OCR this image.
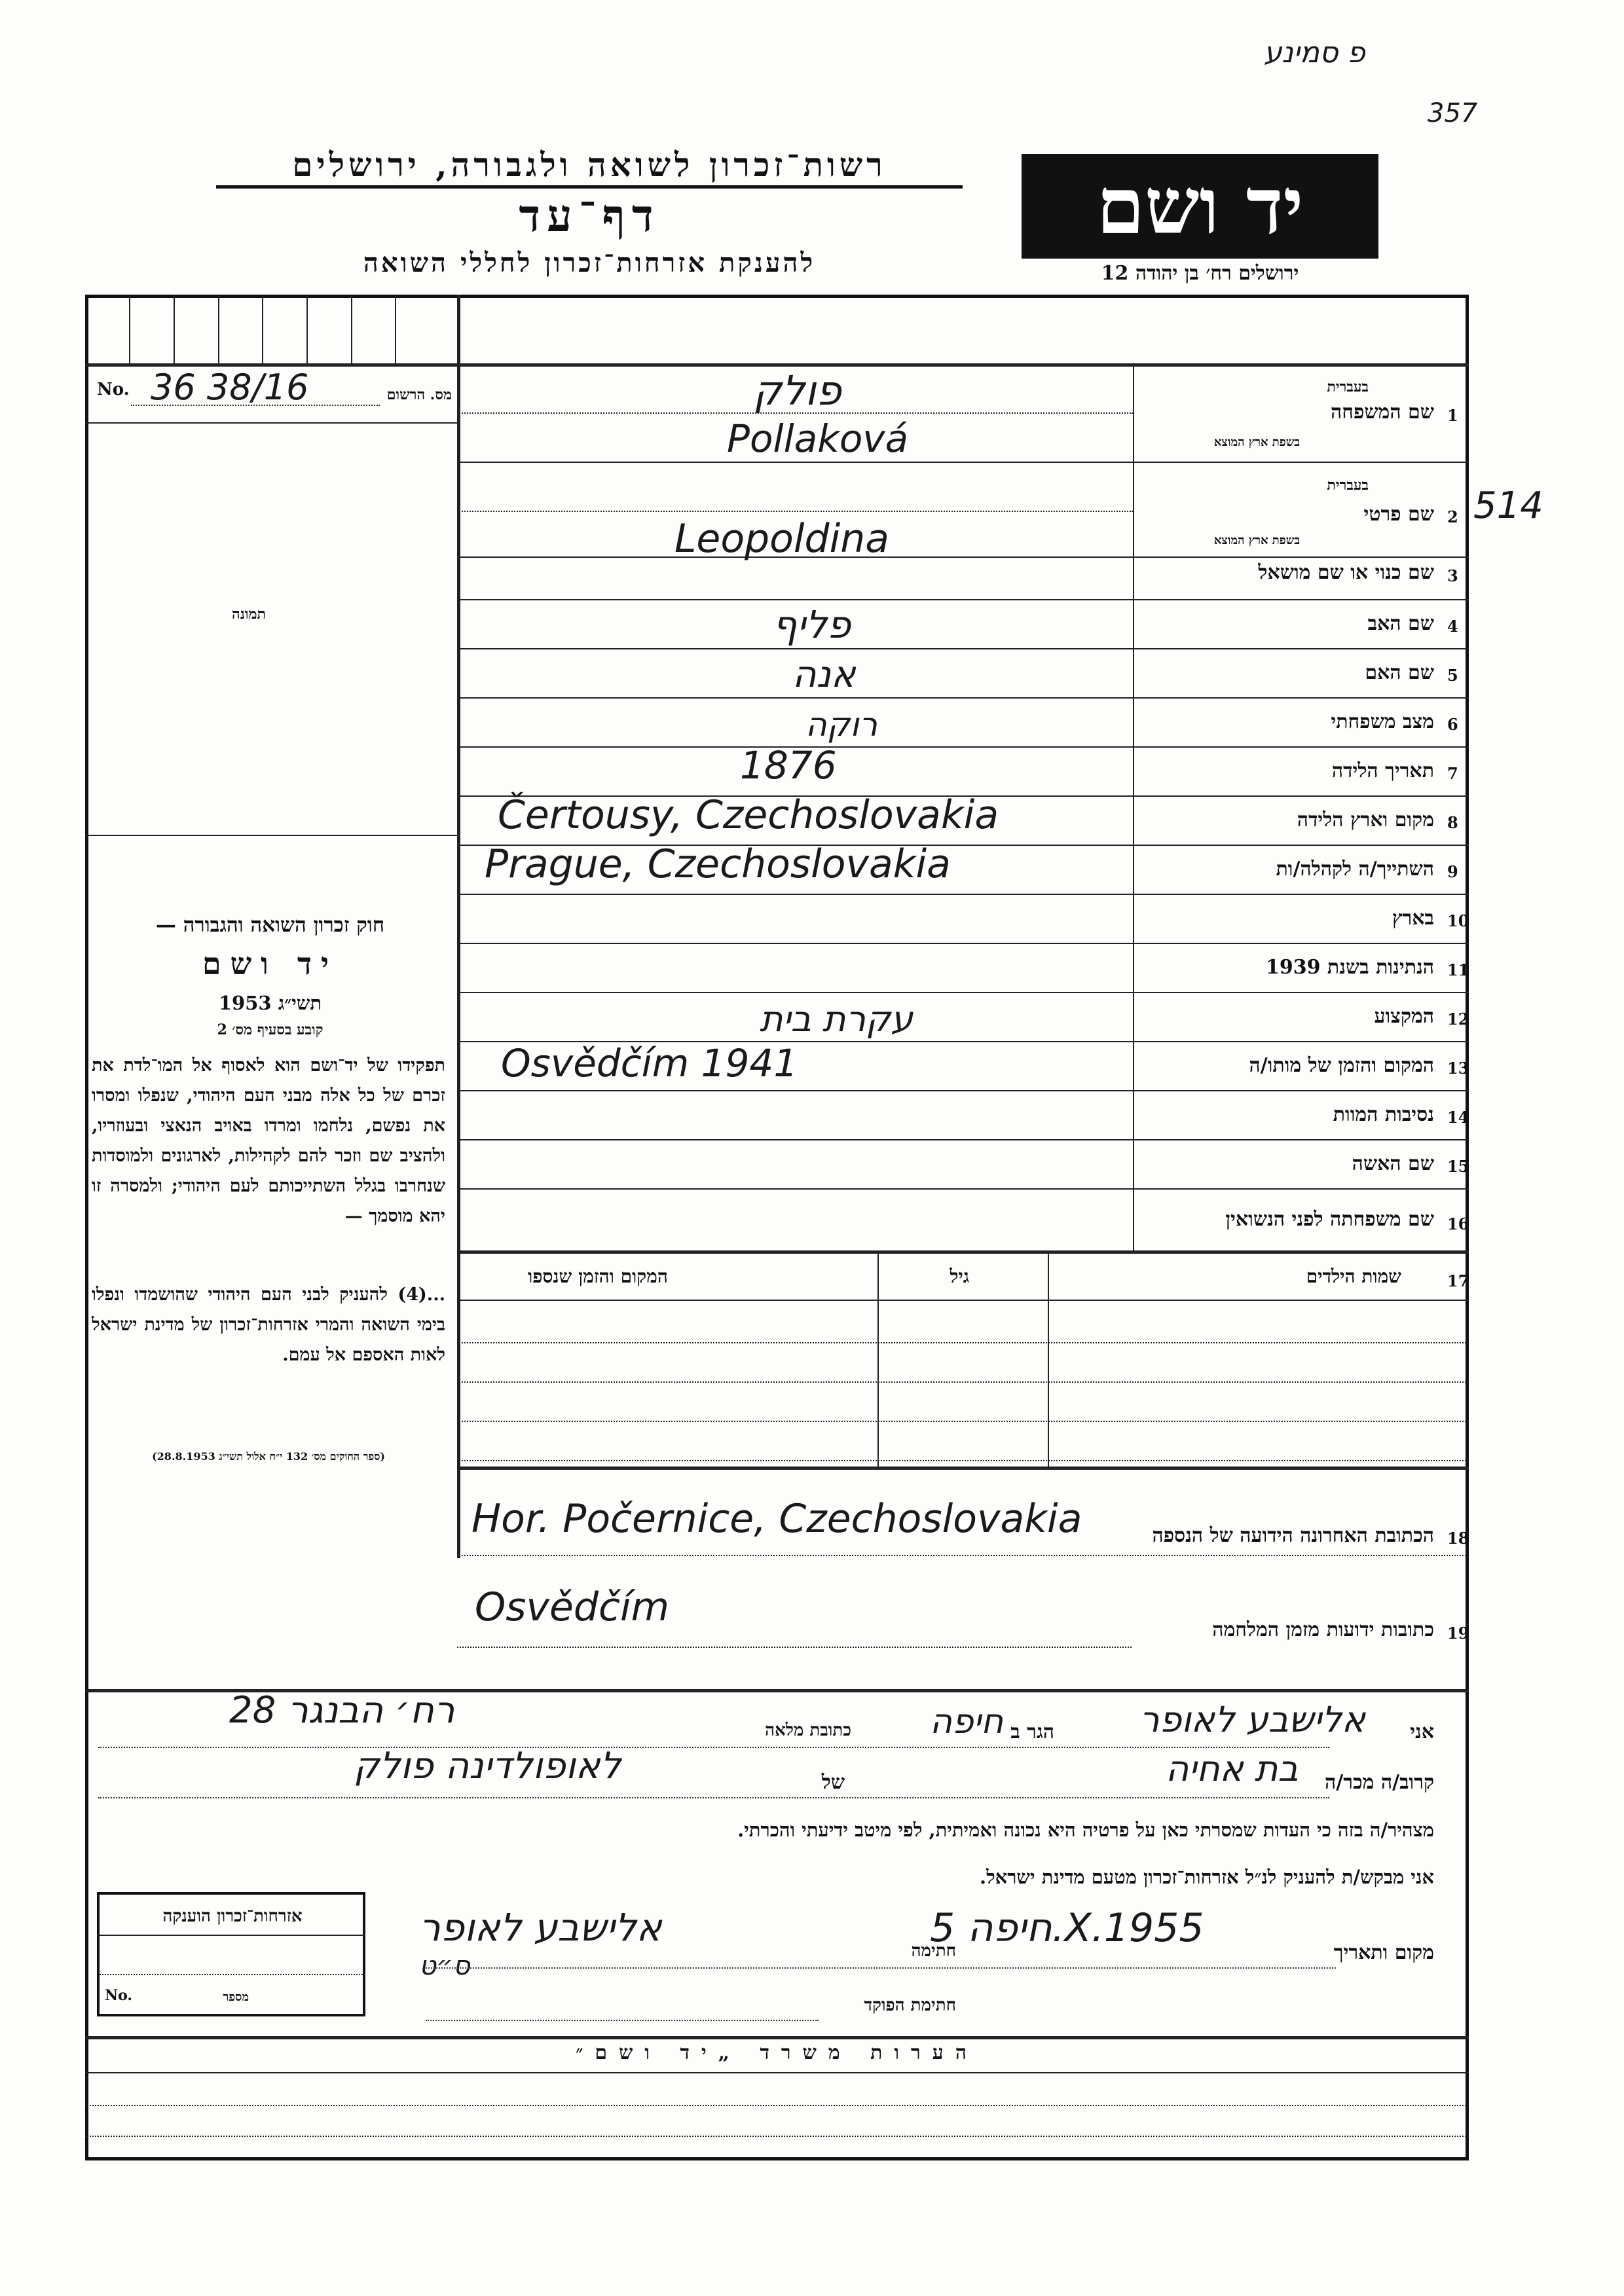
פ סמינע
357
514
רשות־זכרון לשואה ולגבורה, ירושלים
דף־עד
להענקת אזרחות־זכרון לחללי השואה
יד ושם
ירושלים רח׳ בן יהודה 12
No. 36 38/16	מס. הרשום
תמונה
חוק זכרון השואה והגבורה —
יד ושם
תשי״ג 1953
קובע בסעיף מס׳ 2
תפקידו של יד־ושם הוא לאסוף אל המו־לדת את זכרם של כל אלה מבני העם היהודי, שנפלו ומסרו את נפשם, נלחמו ומרדו באויב הנאצי ובעוזריו, ולהציב שם וזכר להם לקהילות, לארגונים ולמוסדות שנחרבו בגלל השתייכותם לעם היהודי; ולמסרה זו יהא מוסמך —
...(4) להעניק לבני העם היהודי שהושמדו ונפלו בימי השואה והמרי אזרחות־זכרון של מדינת ישראל לאות האספם אל עמם.
(ספר החוקים מס׳ 132 י״ח אלול תשי״ג 28.8.1953)
1
שם המשפחה
בעברית
בשפת ארץ המוצא
פולק
Pollaková
2
שם פרטי
בעברית
בשפת ארץ המוצא
Leopoldina
3
שם כנוי או שם מושאל
4
שם האב
פליף
5
שם האם
אנה
6
מצב משפחתי
רוקה
7
תאריך הלידה
1876
8
מקום וארץ הלידה
Čertousy, Czechoslovakia
9
השתייך/ה לקהלה/ות
Prague, Czechoslovakia
10
בארץ
11
הנתינות בשנת 1939
12
המקצוע
עקרת בית
13
המקום והזמן של מותו/ה
Osvědčím 1941
14
נסיבות המוות
15
שם האשה
16
שם משפחתה לפני הנשואין
17
שמות הילדים
גיל
המקום והזמן שנספו
18
הכתובת האחרונה הידועה של הנספה
Hor. Počernice, Czechoslovakia
19
כתובות ידועות מזמן המלחמה
Osvědčím
אני
אלישבע לאופר
הגר ב
חיפה
כתובת מלאה
רח׳ הבנגר 28
קרוב/ה מכר/ה
בת אחיה
של
לאופולדינה פולק
מצהיר/ה בזה כי העדות שמסרתי כאן על פרטיה היא נכונה ואמיתית, לפי מיטב ידיעתי והכרתי.
אני מבקש/ת להעניק לנ״ל אזרחות־זכרון מטעם מדינת ישראל.
מקום ותאריך
חיפה 5.X.1955
חתימה
אלישבע לאופר
ס״ט
חתימת הפוקד
אזרחות־זכרון הוענקה
No.	מספר
הערות משרד „יד ושם״
